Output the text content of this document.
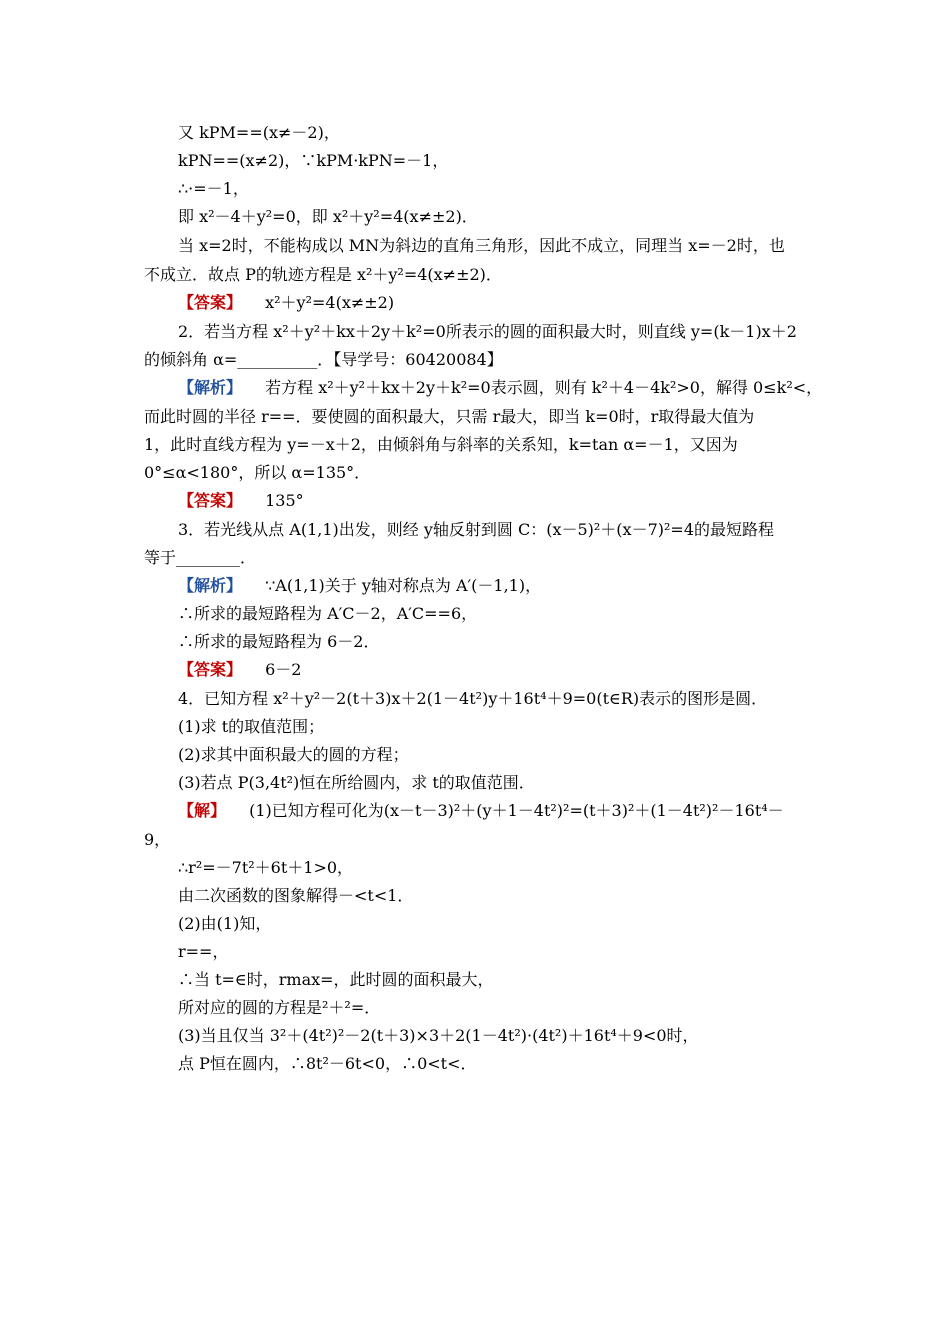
又 kPM==(x≠－2)，
kPN==(x≠2)，∵kPM·kPN=－1，
∴·=－1，
即 x²－4＋y²=0，即 x²＋y²=4(x≠±2)．
当 x=2时，不能构成以 MN为斜边的直角三角形，因此不成立，同理当 x=－2时，也
不成立．故点 P的轨迹方程是 x²＋y²=4(x≠±2)．
【答案】 x²＋y²=4(x≠±2)
2．若当方程 x²＋y²＋kx＋2y＋k²=0所表示的圆的面积最大时，则直线 y=(k－1)x＋2
的倾斜角 α=__________．【导学号：60420084】
【解析】 若方程 x²＋y²＋kx＋2y＋k²=0表示圆，则有 k²＋4－4k²>0，解得 0≤k²<，
而此时圆的半径 r==．要使圆的面积最大，只需 r最大，即当 k=0时，r取得最大值为
1，此时直线方程为 y=－x＋2，由倾斜角与斜率的关系知，k=tan α=－1，又因为
0°≤α<180°，所以 α=135°．
【答案】 135°
3．若光线从点 A(1,1)出发，则经 y轴反射到圆 C：(x－5)²＋(x－7)²=4的最短路程
等于________．
【解析】 ∵A(1,1)关于 y轴对称点为 A′(－1,1)，
∴所求的最短路程为 A′C－2，A′C==6，
∴所求的最短路程为 6－2．
【答案】 6－2
4．已知方程 x²＋y²－2(t＋3)x＋2(1－4t²)y＋16t⁴＋9=0(t∈R)表示的图形是圆．
(1)求 t的取值范围；
(2)求其中面积最大的圆的方程；
(3)若点 P(3,4t²)恒在所给圆内，求 t的取值范围．
【解】 (1)已知方程可化为(x－t－3)²＋(y＋1－4t²)²=(t＋3)²＋(1－4t²)²－16t⁴－
9，
∴r²=－7t²＋6t＋1>0，
由二次函数的图象解得－<t<1．
(2)由(1)知，
r==，
∴当 t=∈时，rmax=，此时圆的面积最大，
所对应的圆的方程是²＋²=．
(3)当且仅当 3²＋(4t²)²－2(t＋3)×3＋2(1－4t²)·(4t²)＋16t⁴＋9<0时，
点 P恒在圆内，∴8t²－6t<0，∴0<t<．
